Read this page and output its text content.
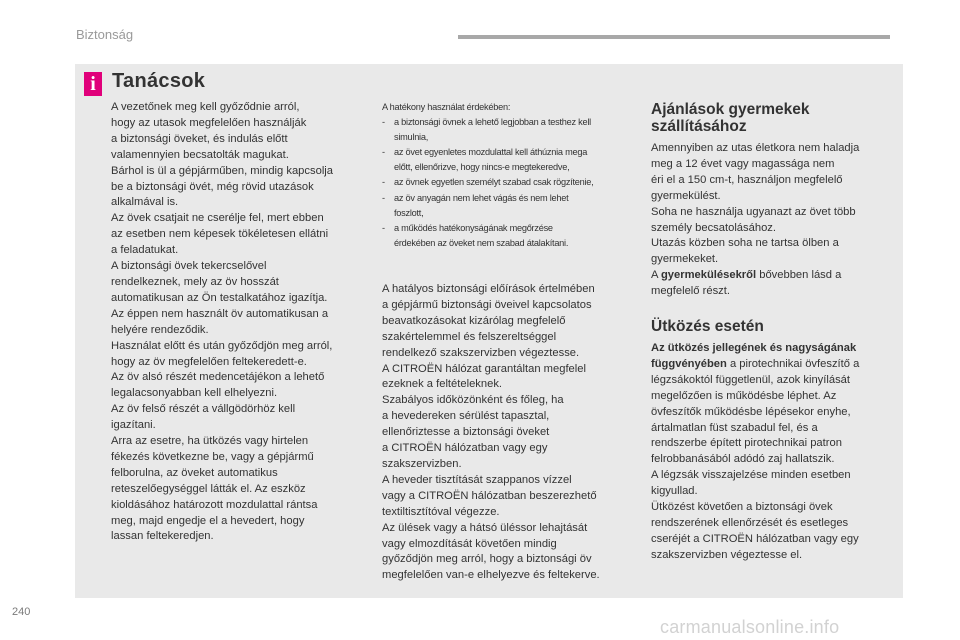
Biztonság
i Tanácsok

A vezetőnek meg kell győződnie arról,

hogy az utasok megfelelően használják

a biztonsági öveket, és indulás előtt

valamennyien becsatolták magukat.

Bárhol is ül a gépjárműben, mindig kapcsolja

be a biztonsági övét, még rövid utazások

alkalmával is.

Az övek csatjait ne cserélje fel, mert ebben

az esetben nem képesek tökéletesen ellátni

a feladatukat.

A biztonsági övek tekercselővel

rendelkeznek, mely az öv hosszát

automatikusan az Ön testalkatához igazítja.

Az éppen nem használt öv automatikusan a

helyére rendeződik.

Használat előtt és után győződjön meg arról,

hogy az öv megfelelően feltekeredett-e.

Az öv alsó részét medencetájékon a lehető

legalacsonyabban kell elhelyezni.

Az öv felső részét a vállgödörhöz kell

igazítani.

Arra az esetre, ha ütközés vagy hirtelen

fékezés következne be, vagy a gépjármű

felborulna, az öveket automatikus

reteszelőegységgel látták el. Az eszköz

kioldásához határozott mozdulattal rántsa

meg, majd engedje el a hevedert, hogy

lassan feltekeredjen.

A hatékony használat érdekében:

- a biztonsági övnek a lehető legjobban a testhez kell

simulnia,

- az övet egyenletes mozdulattal kell áthúznia mega

előtt, ellenőrizve, hogy nincs-e megtekeredve,

- az övnek egyetlen személyt szabad csak rögzítenie,

- az öv anyagán nem lehet vágás és nem lehet

foszlott,

- a működés hatékonyságának megőrzése

érdekében az öveket nem szabad átalakítani.

A hatályos biztonsági előírások értelmében

a gépjármű biztonsági öveivel kapcsolatos

beavatkozásokat kizárólag megfelelő

szakértelemmel és felszereltséggel

rendelkező szakszervizben végeztesse.

A CITROËN hálózat garantáltan megfelel

ezeknek a feltételeknek.

Szabályos időközönként és főleg, ha

a hevedereken sérülést tapasztal,

ellenőriztesse a biztonsági öveket

a CITROËN hálózatban vagy egy

szakszervizben.

A heveder tisztítását szappanos vízzel

vagy a CITROËN hálózatban beszerezhető

textiltisztítóval végezze.

Az ülések vagy a hátsó üléssor lehajtását

vagy elmozdítását követően mindig

győződjön meg arról, hogy a biztonsági öv

megfelelően van-e elhelyezve és feltekerve.

Ajánlások gyermekek
szállításához

Amennyiben az utas életkora nem haladja

meg a 12 évet vagy magassága nem

éri el a 150 cm-t, használjon megfelelő

gyermekülést.

Soha ne használja ugyanazt az övet több

személy becsatolásához.

Utazás közben soha ne tartsa ölben a

gyermekeket.

A gyermekülésekről bővebben lásd a

megfelelő részt.

Ütközés esetén

Az ütközés jellegének és nagyságának

függvényében a pirotechnikai övfeszítő a

légzsákoktól függetlenül, azok kinyílását

megelőzően is működésbe léphet. Az

övfeszítők működésbe lépésekor enyhe,

ártalmatlan füst szabadul fel, és a

rendszerbe épített pirotechnikai patron

felrobbanásából adódó zaj hallatszik.

A légzsák visszajelzése minden esetben

kigyullad.

Ütközést követően a biztonsági övek

rendszerének ellenőrzését és esetleges

cseréjét a CITROËN hálózatban vagy egy

szakszervizben végeztesse el.

240
carmanualsonline.info
